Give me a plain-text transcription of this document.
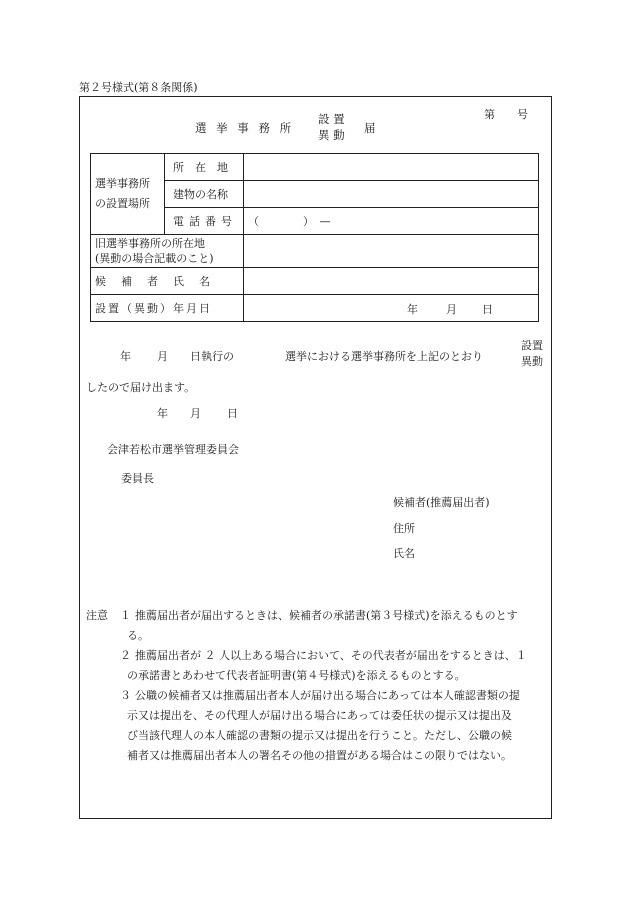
第２号様式(第８条関係)
選 挙 事 務 所
設 置
異 動 届
第 号
選挙事務所
の設置場所	所　在　地	
	建物の名称	
	電話番号	（　　　　）　—

旧選挙事務所の所在地
(異動の場合記載のこと)		

候　補　者　氏　名		
設置（異動）年月日		年 月 日
年 月 日執行の	選挙における選挙事務所を上記のとおり
設置
異動
したので届け出ます。
年 月 日
会津若松市選挙管理委員会
委員長
候補者(推薦届出者)
住所
氏名
注意 １ 推薦届出者が届出するときは、候補者の承諾書(第３号様式)を添えるものとす
る。
２ 推薦届出者が ２ 人以上ある場合において、その代表者が届出をするときは、１
の承諾書とあわせて代表者証明書(第４号様式)を添えるものとする。
３ 公職の候補者又は推薦届出者本人が届け出る場合にあっては本人確認書類の提
示又は提出を、その代理人が届け出る場合にあっては委任状の提示又は提出及
び当該代理人の本人確認の書類の提示又は提出を行うこと。ただし、公職の候
補者又は推薦届出者本人の署名その他の措置がある場合はこの限りではない。
